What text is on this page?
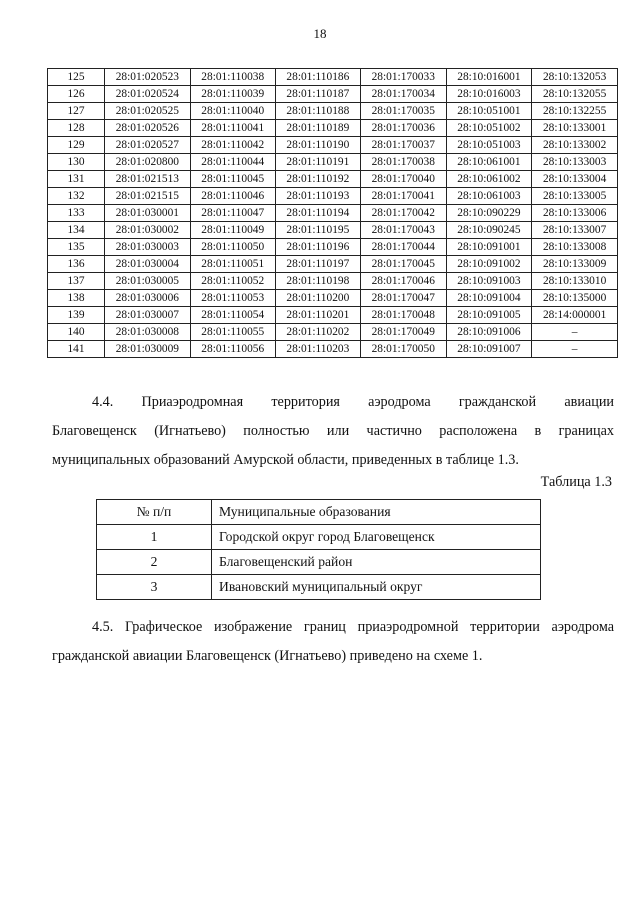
18
125	28:01:020523	28:01:110038	28:01:110186	28:01:170033	28:10:016001	28:10:132053
126	28:01:020524	28:01:110039	28:01:110187	28:01:170034	28:10:016003	28:10:132055
127	28:01:020525	28:01:110040	28:01:110188	28:01:170035	28:10:051001	28:10:132255
128	28:01:020526	28:01:110041	28:01:110189	28:01:170036	28:10:051002	28:10:133001
129	28:01:020527	28:01:110042	28:01:110190	28:01:170037	28:10:051003	28:10:133002
130	28:01:020800	28:01:110044	28:01:110191	28:01:170038	28:10:061001	28:10:133003
131	28:01:021513	28:01:110045	28:01:110192	28:01:170040	28:10:061002	28:10:133004
132	28:01:021515	28:01:110046	28:01:110193	28:01:170041	28:10:061003	28:10:133005
133	28:01:030001	28:01:110047	28:01:110194	28:01:170042	28:10:090229	28:10:133006
134	28:01:030002	28:01:110049	28:01:110195	28:01:170043	28:10:090245	28:10:133007
135	28:01:030003	28:01:110050	28:01:110196	28:01:170044	28:10:091001	28:10:133008
136	28:01:030004	28:01:110051	28:01:110197	28:01:170045	28:10:091002	28:10:133009
137	28:01:030005	28:01:110052	28:01:110198	28:01:170046	28:10:091003	28:10:133010
138	28:01:030006	28:01:110053	28:01:110200	28:01:170047	28:10:091004	28:10:135000
139	28:01:030007	28:01:110054	28:01:110201	28:01:170048	28:10:091005	28:14:000001
140	28:01:030008	28:01:110055	28:01:110202	28:01:170049	28:10:091006	–
141	28:01:030009	28:01:110056	28:01:110203	28:01:170050	28:10:091007	–
4.4. Приаэродромная территория аэродрома гражданской авиации
Благовещенск (Игнатьево) полностью или частично расположена в границах
муниципальных образований Амурской области, приведенных в таблице 1.3.
Таблица 1.3
№ п/п	Муниципальные образования
1	Городской округ город Благовещенск
2	Благовещенский район
3	Ивановский муниципальный округ
4.5. Графическое изображение границ приаэродромной территории аэродрома
гражданской авиации Благовещенск (Игнатьево) приведено на схеме 1.
